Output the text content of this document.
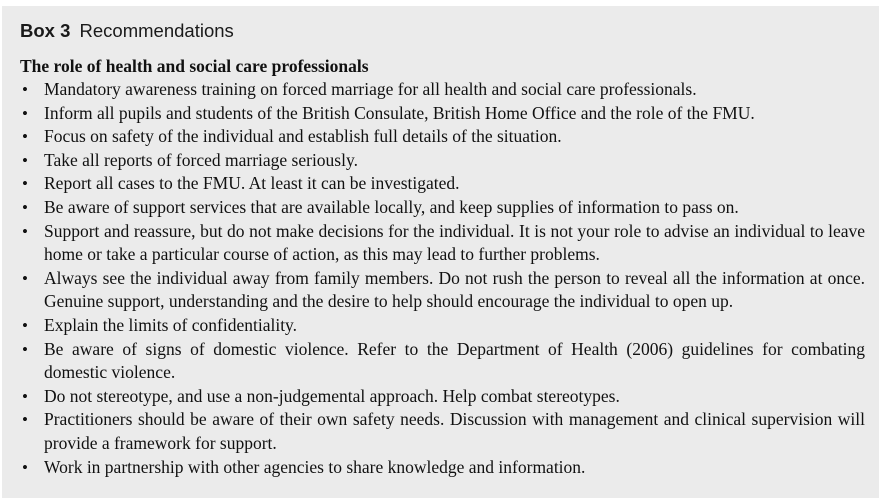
Box 3 Recommendations
The role of health and social care professionals
• Mandatory awareness training on forced marriage for all health and social care professionals.
• Inform all pupils and students of the British Consulate, British Home Office and the role of the FMU.
• Focus on safety of the individual and establish full details of the situation.
• Take all reports of forced marriage seriously.
• Report all cases to the FMU. At least it can be investigated.
• Be aware of support services that are available locally, and keep supplies of information to pass on.
• Support and reassure, but do not make decisions for the individual. It is not your role to advise an individual to leave home or take a particular course of action, as this may lead to further problems.
• Always see the individual away from family members. Do not rush the person to reveal all the information at once. Genuine support, understanding and the desire to help should encourage the individual to open up.
• Explain the limits of confidentiality.
• Be aware of signs of domestic violence. Refer to the Department of Health (2006) guidelines for combating domestic violence.
• Do not stereotype, and use a non-judgemental approach. Help combat stereotypes.
• Practitioners should be aware of their own safety needs. Discussion with management and clinical supervision will provide a framework for support.
• Work in partnership with other agencies to share knowledge and information.
